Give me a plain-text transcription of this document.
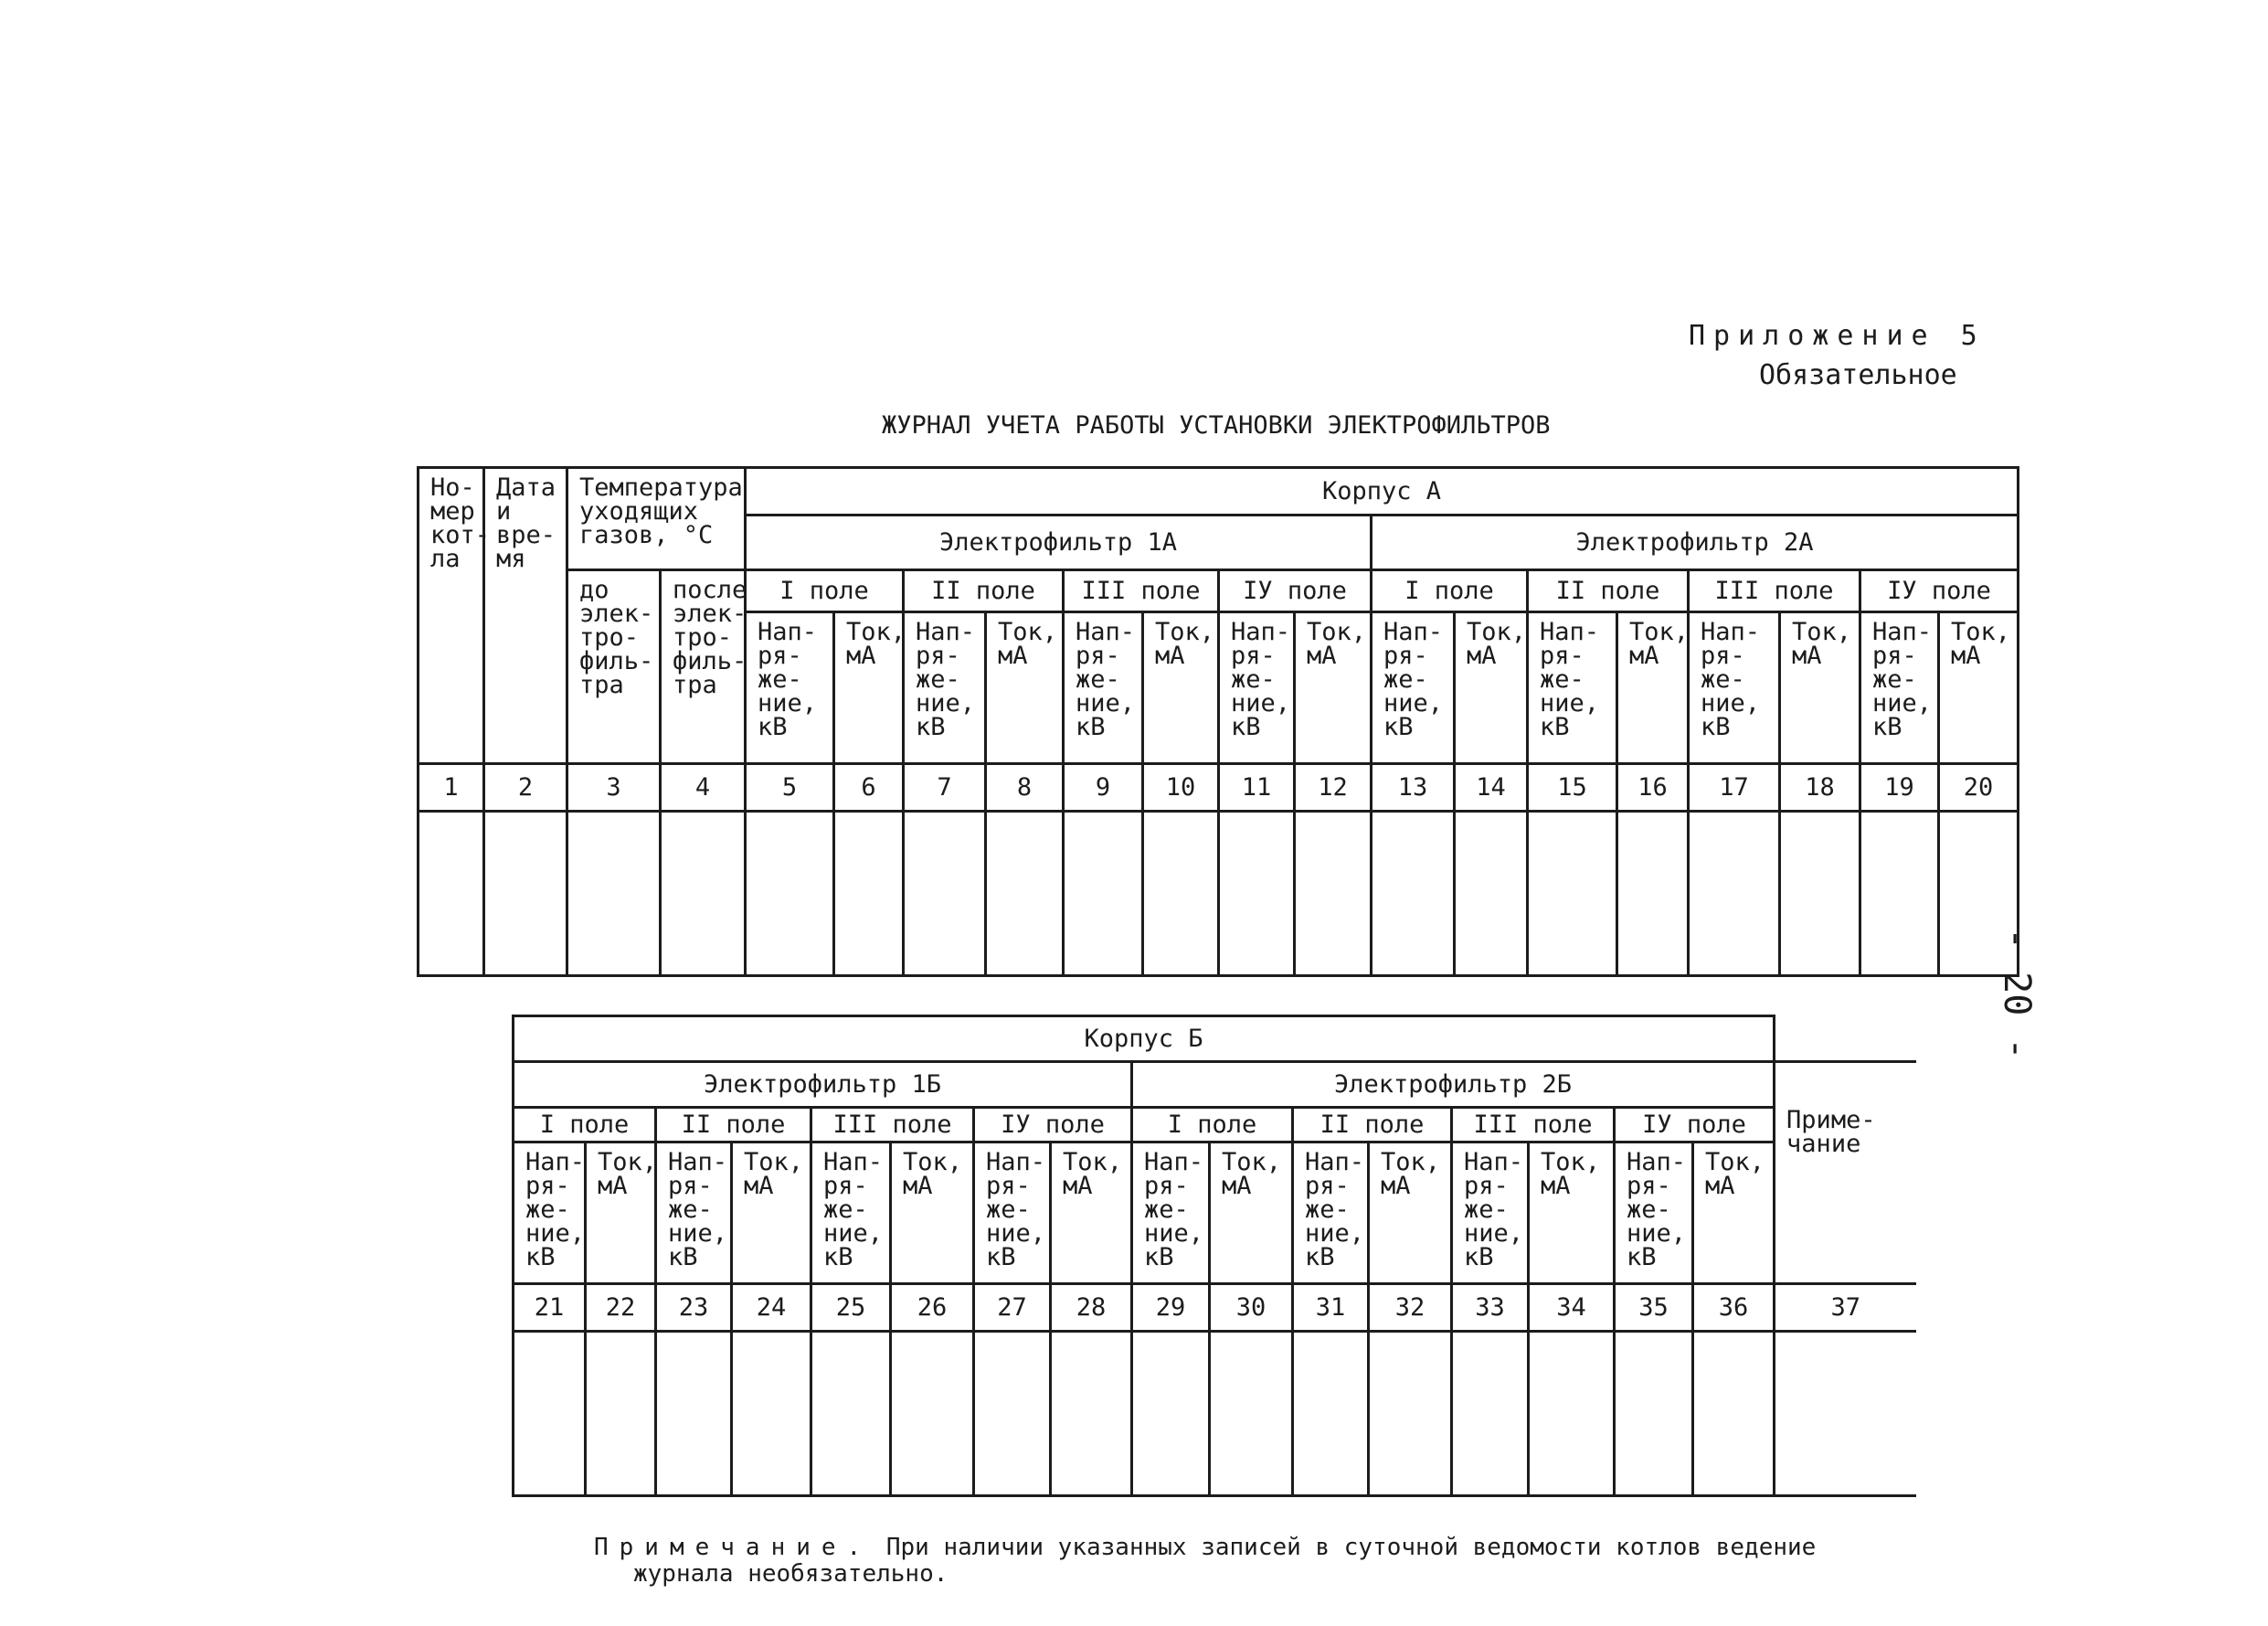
Приложение 5
Обязательное
ЖУРНАЛ УЧЕТА РАБОТЫ УСТАНОВКИ ЭЛЕКТРОФИЛЬТРОВ
- 20 -
Но-
мер
кот-
ла	Дата
и
вре-
мя	Температура
уходящих
газов, °С		Корпус А															
				Электрофильтр 1А								Электрофильтр 2А							
		до
элек-
тро-
филь-
тра	после
элек-
тро-
филь-
тра	I поле		II поле		III поле		IУ поле		I поле		II поле		III поле		IУ поле	
				Нап-
ря-
же-
ние,
кВ	Ток,
мА	Нап-
ря-
же-
ние,
кВ	Ток,
мА	Нап-
ря-
же-
ние,
кВ	Ток,
мА	Нап-
ря-
же-
ние,
кВ	Ток,
мА	Нап-
ря-
же-
ние,
кВ	Ток,
мА	Нап-
ря-
же-
ние,
кВ	Ток,
мА	Нап-
ря-
же-
ние,
кВ	Ток,
мА	Нап-
ря-
же-
ние,
кВ	Ток,
мА
1	2	3	4	5	6	7	8	9	10	11	12	13	14	15	16	17	18	19	20

Корпус Б																
Электрофильтр 1Б								Электрофильтр 2Б								Приме-
чание
I поле		II поле		III поле		IУ поле		I поле		II поле		III поле		IУ поле		
Нап-
ря-
же-
ние,
кВ	Ток,
мА	Нап-
ря-
же-
ние,
кВ	Ток,
мА	Нап-
ря-
же-
ние,
кВ	Ток,
мА	Нап-
ря-
же-
ние,
кВ	Ток,
мА	Нап-
ря-
же-
ние,
кВ	Ток,
мА	Нап-
ря-
же-
ние,
кВ	Ток,
мА	Нап-
ря-
же-
ние,
кВ	Ток,
мА	Нап-
ря-
же-
ние,
кВ	Ток,
мА	
21	22	23	24	25	26	27	28	29	30	31	32	33	34	35	36	37

Примечание. При наличии указанных записей в суточной ведомости котлов ведение
журнала необязательно.
